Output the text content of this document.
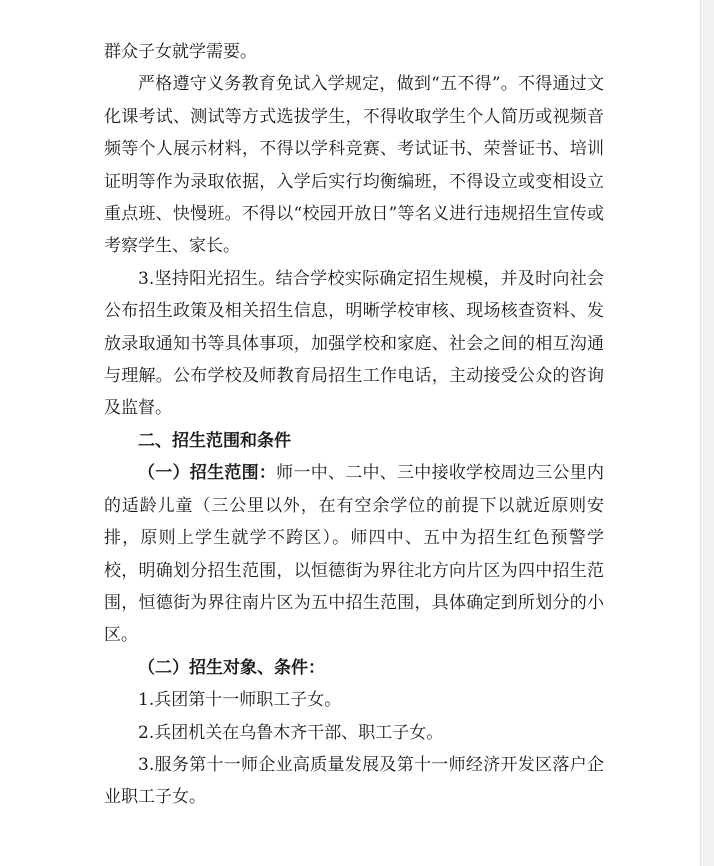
群众子女就学需要。

严格遵守义务教育免试入学规定，做到“五不得”。不得通过文化课考试、测试等方式选拔学生，不得收取学生个人简历或视频音频等个人展示材料，不得以学科竞赛、考试证书、荣誉证书、培训证明等作为录取依据，入学后实行均衡编班，不得设立或变相设立重点班、快慢班。不得以“校园开放日”等名义进行违规招生宣传或考察学生、家长。

3.坚持阳光招生。结合学校实际确定招生规模，并及时向社会公布招生政策及相关招生信息，明晰学校审核、现场核查资料、发放录取通知书等具体事项，加强学校和家庭、社会之间的相互沟通与理解。公布学校及师教育局招生工作电话，主动接受公众的咨询及监督。

二、招生范围和条件

（一）招生范围：师一中、二中、三中接收学校周边三公里内的适龄儿童（三公里以外，在有空余学位的前提下以就近原则安排，原则上学生就学不跨区）。师四中、五中为招生红色预警学校，明确划分招生范围，以恒德街为界往北方向片区为四中招生范围，恒德街为界往南片区为五中招生范围，具体确定到所划分的小区。

（二）招生对象、条件：

1.兵团第十一师职工子女。

2.兵团机关在乌鲁木齐干部、职工子女。

3.服务第十一师企业高质量发展及第十一师经济开发区落户企业职工子女。
